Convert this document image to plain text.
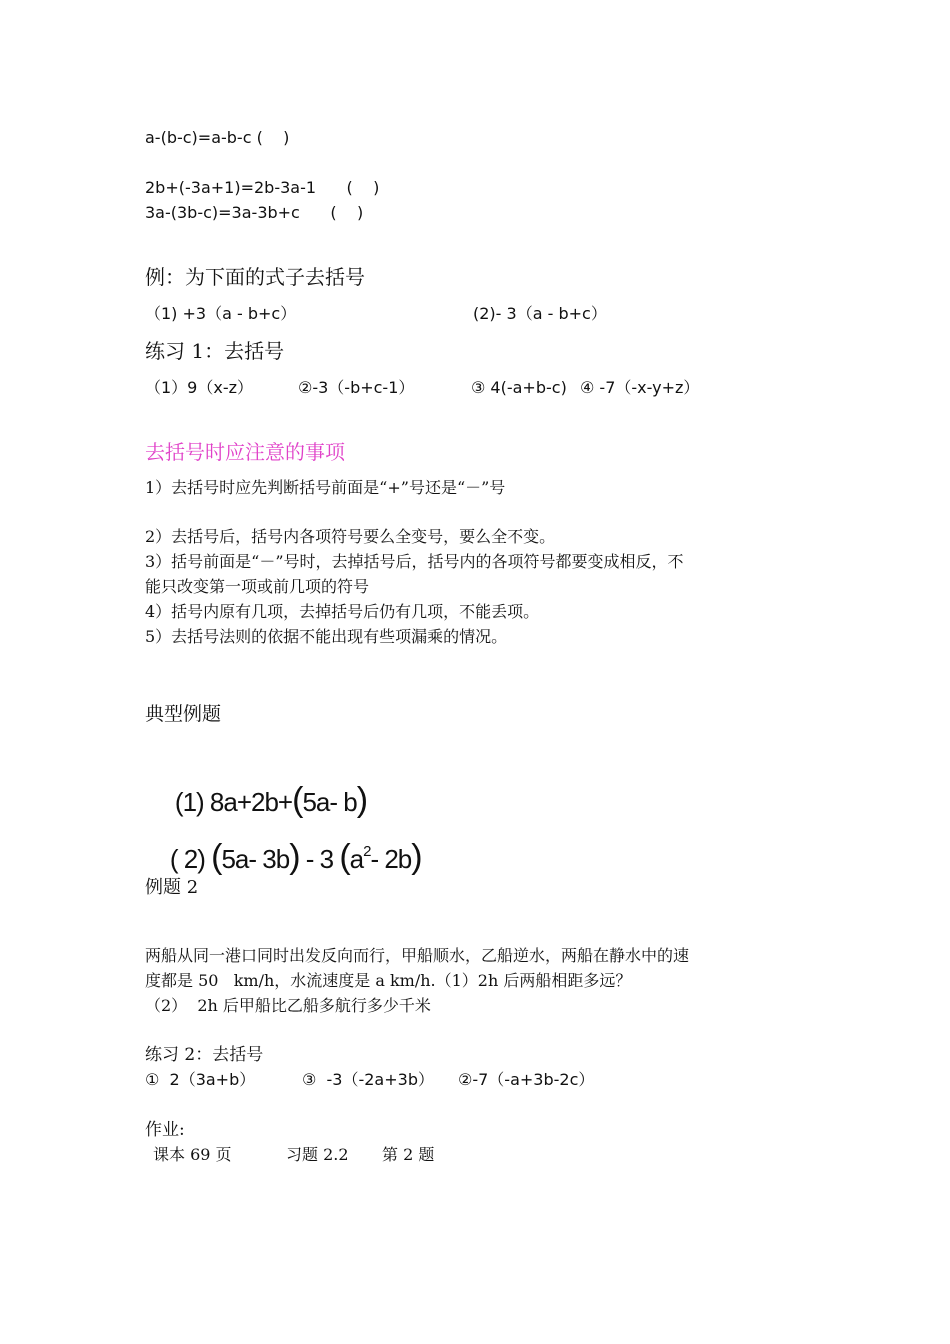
a-(b-c)=a-b-c (    )
2b+(-3a+1)=2b-3a-1      (    )
3a-(3b-c)=3a-3b+c      (    )
例：为下面的式子去括号
（1) +3（a - b+c）	(2)- 3（a - b+c）
练习 1：去括号
（1）9（x-z）	②-3（-b+c-1）	③ 4(-a+b-c) ④ -7（-x-y+z）
去括号时应注意的事项
1）去括号时应先判断括号前面是“+”号还是“－”号
2）去括号后，括号内各项符号要么全变号，要么全不变。
3）括号前面是“－”号时，去掉括号后，括号内的各项符号都要变成相反，不
能只改变第一项或前几项的符号
4）括号内原有几项，去掉括号后仍有几项，不能丢项。
5）去括号法则的依据不能出现有些项漏乘的情况。
典型例题

(1) 8a+2b+(5a- b)

( 2) (5a- 3b) - 3 ($a^2-$ 2b)

例题 2
两船从同一港口同时出发反向而行，甲船顺水，乙船逆水，两船在静水中的速
度都是 50   km/h，水流速度是 a km/h.（1）2h 后两船相距多远？
（2）  2h 后甲船比乙船多航行多少千米
练习 2：去括号
①  2（3a+b）	③  -3（-2a+3b） ②-7（-a+3b-2c）
作业:
课本 69 页	习题 2.2 第 2 题
